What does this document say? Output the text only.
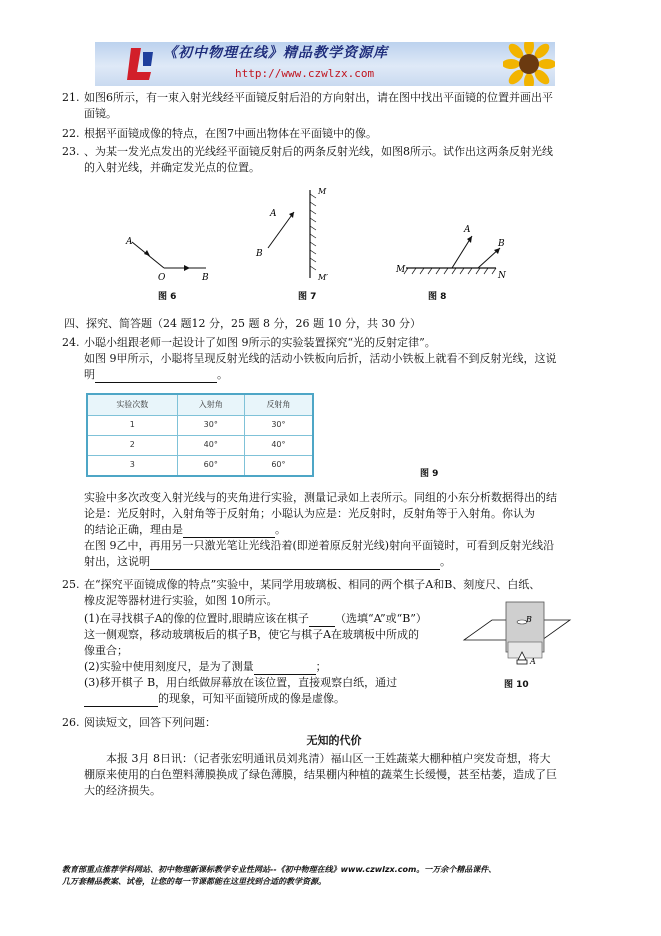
《初中物理在线》精品教学资源库
http://www.czwlzx.com
21. 如图6所示，有一束入射光线经平面镜反射后沿的方向射出，请在图中找出平面镜的位置并画出平

面镜。

22. 根据平面镜成像的特点，在图7中画出物体在平面镜中的像。

23. 、为某一发光点发出的光线经平面镜反射后的两条反射光线，如图8所示。试作出这两条反射光线

的入射光线，并确定发光点的位置。

A
O	B
图 6
A
B
M
M′
图 7
A
B
M
N
图 8
四、探究、简答题（24 题12 分，25 题 8 分，26 题 10 分，共 30 分）
24. 小聪小组跟老师一起设计了如图 9所示的实验装置探究“光的反射定律”。

如图 9甲所示，小聪将呈现反射光线的活动小铁板向后折，活动小铁板上就看不到反射光线，这说

明	。

实验次数	入射角	反射角
1	30°	30°
2	40°	40°
3	60°	60°
图 9

实验中多次改变入射光线与的夹角进行实验，测量记录如上表所示。同组的小东分析数据得出的结

论是：光反射时，入射角等于反射角；小聪认为应是：光反射时，反射角等于入射角。你认为

的结论正确，理由是	。

在图 9乙中，再用另一只激光笔让光线沿着(即逆着原反射光线)射向平面镜时，可看到反射光线沿

射出，这说明	。

25. 在“探究平面镜成像的特点”实验中，某同学用玻璃板、相同的两个棋子A和B、刻度尺、白纸、

橡皮泥等器材进行实验，如图 10所示。

(1)在寻找棋子A的像的位置时,眼睛应该在棋子 （选填“A”或“B”）

这一侧观察，移动玻璃板后的棋子B，使它与棋子A在玻璃板中所成的

像重合；

(2)实验中使用刻度尺，是为了测量	；

(3)移开棋子 B，用白纸做屏幕放在该位置，直接观察白纸，通过

的现象，可知平面镜所成的像是虚像。

B
A
图 10
26. 阅读短文，回答下列问题：

无知的代价

本报 3月 8日讯：（记者张宏明通讯员刘兆清）福山区一王姓蔬菜大棚种植户突发奇想，将大

棚原来使用的白色塑料薄膜换成了绿色薄膜，结果棚内种植的蔬菜生长缓慢，甚至枯萎，造成了巨

大的经济损失。

教育部重点推荐学科网站、初中物理新课标教学专业性网站--《初中物理在线》www.czwlzx.com。一万余个精品课件、
几万套精品教案、试卷，让您的每一节课都能在这里找到合适的教学资源。
